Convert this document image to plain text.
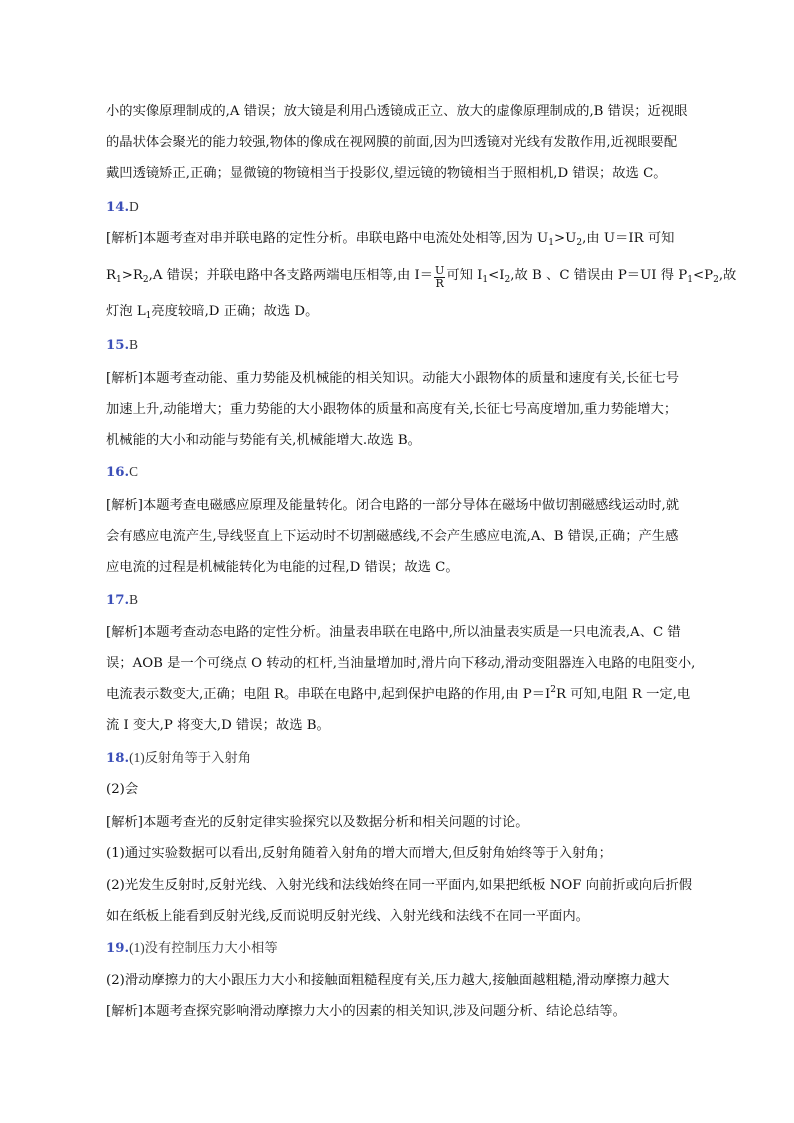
小的实像原理制成的,A 错误；放大镜是利用凸透镜成正立、放大的虚像原理制成的,B 错误；近视眼
的晶状体会聚光的能力较强,物体的像成在视网膜的前面,因为凹透镜对光线有发散作用,近视眼要配
戴凹透镜矫正,正确；显微镜的物镜相当于投影仪,望远镜的物镜相当于照相机,D 错误；故选 C。
14.D
[解析]本题考查对串并联电路的定性分析。串联电路中电流处处相等,因为 $U_1>U_2$,由 U＝IR 可知
$R_1>R_2,A$ 错误；并联电路中各支路两端电压相等,由 $I= \frac{U}{R}$ 可知 $I_1<I_2$,故 B 、C 错误由 P＝UI 得 $P_1<P_2$,故
灯泡 $L_1$亮度较暗,D 正确；故选 D。
15.B
[解析]本题考查动能、重力势能及机械能的相关知识。动能大小跟物体的质量和速度有关,长征七号
加速上升,动能增大；重力势能的大小跟物体的质量和高度有关,长征七号高度增加,重力势能增大；
机械能的大小和动能与势能有关,机械能增大.故选 B。
16.C
[解析]本题考查电磁感应原理及能量转化。闭合电路的一部分导体在磁场中做切割磁感线运动时,就
会有感应电流产生,导线竖直上下运动时不切割磁感线,不会产生感应电流,A、B 错误,正确；产生感
应电流的过程是机械能转化为电能的过程,D 错误；故选 C。
17.B
[解析]本题考查动态电路的定性分析。油量表串联在电路中,所以油量表实质是一只电流表,A、C 错
误；AOB 是一个可绕点 O 转动的杠杆,当油量增加时,滑片向下移动,滑动变阻器连入电路的电阻变小,
电流表示数变大,正确；电阻 R。串联在电路中,起到保护电路的作用,由 $P=I^2R$ 可知,电阻 R 一定,电
流 I 变大,P 将变大,D 错误；故选 B。
18.(1)反射角等于入射角
(2)会
[解析]本题考查光的反射定律实验探究以及数据分析和相关问题的讨论。
(1)通过实验数据可以看出,反射角随着入射角的增大而增大,但反射角始终等于入射角；
(2)光发生反射时,反射光线、入射光线和法线始终在同一平面内,如果把纸板 NOF 向前折或向后折假
如在纸板上能看到反射光线,反而说明反射光线、入射光线和法线不在同一平面内。
19.(1)没有控制压力大小相等
(2)滑动摩擦力的大小跟压力大小和接触面粗糙程度有关,压力越大,接触面越粗糙,滑动摩擦力越大
[解析]本题考查探究影响滑动摩擦力大小的因素的相关知识,涉及问题分析、结论总结等。
